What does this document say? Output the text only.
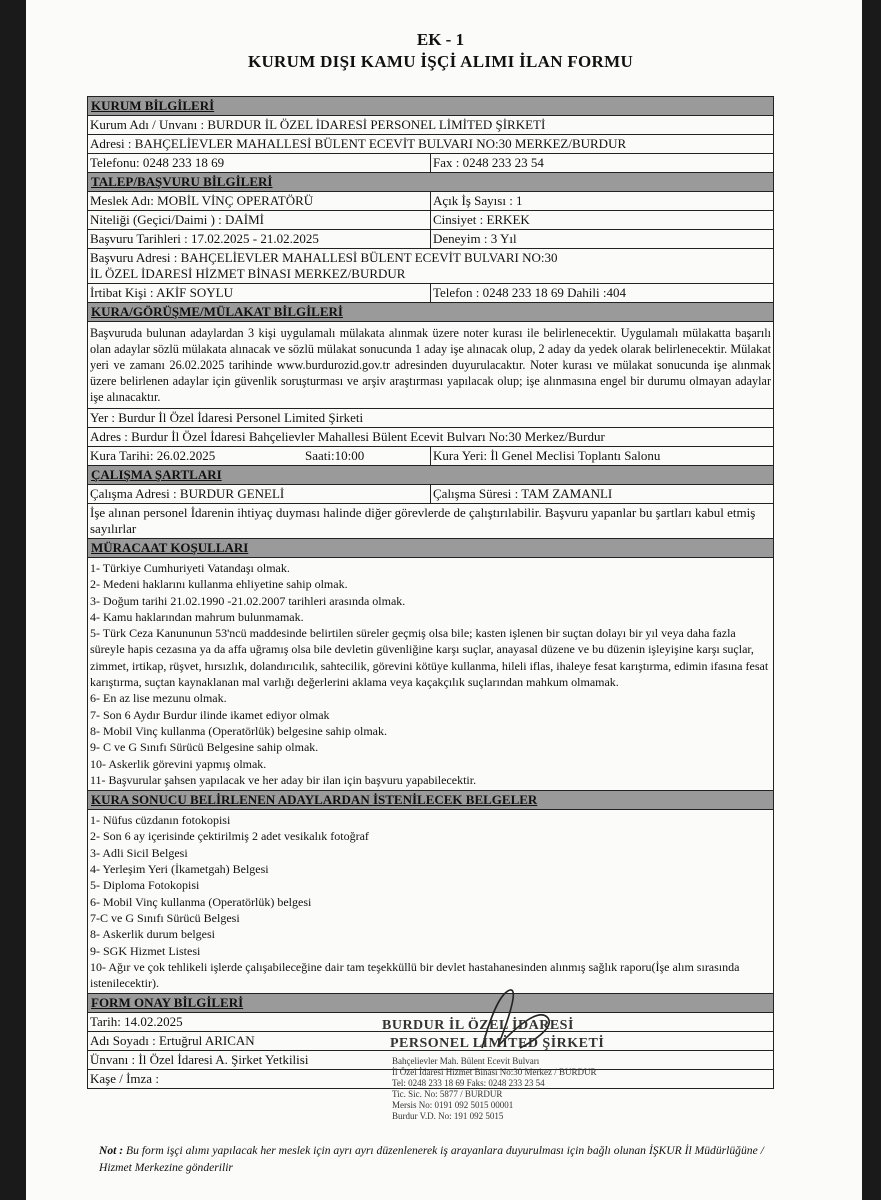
EK - 1
KURUM DIŞI KAMU İŞÇİ ALIMI İLAN FORMU
KURUM BİLGİLERİ
Kurum Adı / Unvanı : BURDUR İL ÖZEL İDARESİ PERSONEL LİMİTED ŞİRKETİ
Adresi : BAHÇELİEVLER MAHALLESİ BÜLENT ECEVİT BULVARI NO:30 MERKEZ/BURDUR
Telefonu: 0248 233 18 69	Fax : 0248 233 23 54
TALEP/BAŞVURU BİLGİLERİ
Meslek Adı: MOBİL VİNÇ OPERATÖRÜ	Açık İş Sayısı : 1
Niteliği (Geçici/Daimi ) : DAİMİ	Cinsiyet : ERKEK
Başvuru Tarihleri : 17.02.2025 - 21.02.2025	Deneyim : 3 Yıl
Başvuru Adresi : BAHÇELİEVLER MAHALLESİ BÜLENT ECEVİT BULVARI NO:30
İL ÖZEL İDARESİ HİZMET BİNASI MERKEZ/BURDUR
İrtibat Kişi : AKİF SOYLU	Telefon : 0248 233 18 69 Dahili :404
KURA/GÖRÜŞME/MÜLAKAT BİLGİLERİ
Başvuruda bulunan adaylardan 3 kişi uygulamalı mülakata alınmak üzere noter kurası ile belirlenecektir. Uygulamalı mülakatta başarılı olan adaylar sözlü mülakata alınacak ve sözlü mülakat sonucunda 1 aday işe alınacak olup, 2 aday da yedek olarak belirlenecektir. Mülakat yeri ve zamanı 26.02.2025 tarihinde www.burdurozid.gov.tr adresinden duyurulacaktır. Noter kurası ve mülakat sonucunda işe alınmak üzere belirlenen adaylar için güvenlik soruşturması ve arşiv araştırması yapılacak olup; işe alınmasına engel bir durumu olmayan adaylar işe alınacaktır.
Yer : Burdur İl Özel İdaresi Personel Limited Şirketi
Adres : Burdur İl Özel İdaresi Bahçelievler Mahallesi Bülent Ecevit Bulvarı No:30 Merkez/Burdur
Kura Tarihi: 26.02.2025	Saati:10:00	Kura Yeri: İl Genel Meclisi Toplantı Salonu
ÇALIŞMA ŞARTLARI
Çalışma Adresi : BURDUR GENELİ	Çalışma Süresi : TAM ZAMANLI
İşe alınan personel İdarenin ihtiyaç duyması halinde diğer görevlerde de çalıştırılabilir. Başvuru yapanlar bu şartları kabul etmiş sayılırlar
MÜRACAAT KOŞULLARI
1- Türkiye Cumhuriyeti Vatandaşı olmak.
2- Medeni haklarını kullanma ehliyetine sahip olmak.
3- Doğum tarihi 21.02.1990 -21.02.2007 tarihleri arasında olmak.
4- Kamu haklarından mahrum bulunmamak.
5- Türk Ceza Kanununun 53'ncü maddesinde belirtilen süreler geçmiş olsa bile; kasten işlenen bir suçtan dolayı bir yıl veya daha fazla süreyle hapis cezasına ya da affa uğramış olsa bile devletin güvenliğine karşı suçlar, anayasal düzene ve bu düzenin işleyişine karşı suçlar, zimmet, irtikap, rüşvet, hırsızlık, dolandırıcılık, sahtecilik, görevini kötüye kullanma, hileli iflas, ihaleye fesat karıştırma, edimin ifasına fesat karıştırma, suçtan kaynaklanan mal varlığı değerlerini aklama veya kaçakçılık suçlarından mahkum olmamak.
6- En az lise mezunu olmak.
7- Son 6 Aydır Burdur ilinde ikamet ediyor olmak
8- Mobil Vinç kullanma (Operatörlük) belgesine sahip olmak.
9- C ve G Sınıfı Sürücü Belgesine sahip olmak.
10- Askerlik görevini yapmış olmak.
11- Başvurular şahsen yapılacak ve her aday bir ilan için başvuru yapabilecektir.
KURA SONUCU BELİRLENEN ADAYLARDAN İSTENİLECEK BELGELER
1- Nüfus cüzdanın fotokopisi
2- Son 6 ay içerisinde çektirilmiş 2 adet vesikalık fotoğraf
3- Adli Sicil Belgesi
4- Yerleşim Yeri (İkametgah) Belgesi
5- Diploma Fotokopisi
6- Mobil Vinç kullanma (Operatörlük) belgesi
7-C ve G Sınıfı Sürücü Belgesi
8- Askerlik durum belgesi
9- SGK Hizmet Listesi
10- Ağır ve çok tehlikeli işlerde çalışabileceğine dair tam teşekküllü bir devlet hastahanesinden alınmış sağlık raporu(İşe alım sırasında istenilecektir).
FORM ONAY BİLGİLERİ
Tarih: 14.02.2025
Adı Soyadı : Ertuğrul ARICAN
Ünvanı : İl Özel İdaresi A. Şirket Yetkilisi
Kaşe / İmza :
BURDUR İL ÖZEL İDARESİ
PERSONEL LİMİTED ŞİRKETİ
Bahçelievler Mah. Bülent Ecevit Bulvarı
İl Özel İdaresi Hizmet Binası No:30 Merkez / BURDUR
Tel: 0248 233 18 69 Faks: 0248 233 23 54
Tic. Sic. No: 5877 / BURDUR
Mersis No: 0191 092 5015 00001
Burdur V.D. No: 191 092 5015
Not : Bu form işçi alımı yapılacak her meslek için ayrı ayrı düzenlenerek iş arayanlara duyurulması için bağlı olunan İŞKUR İl Müdürlüğüne / Hizmet Merkezine gönderilir
